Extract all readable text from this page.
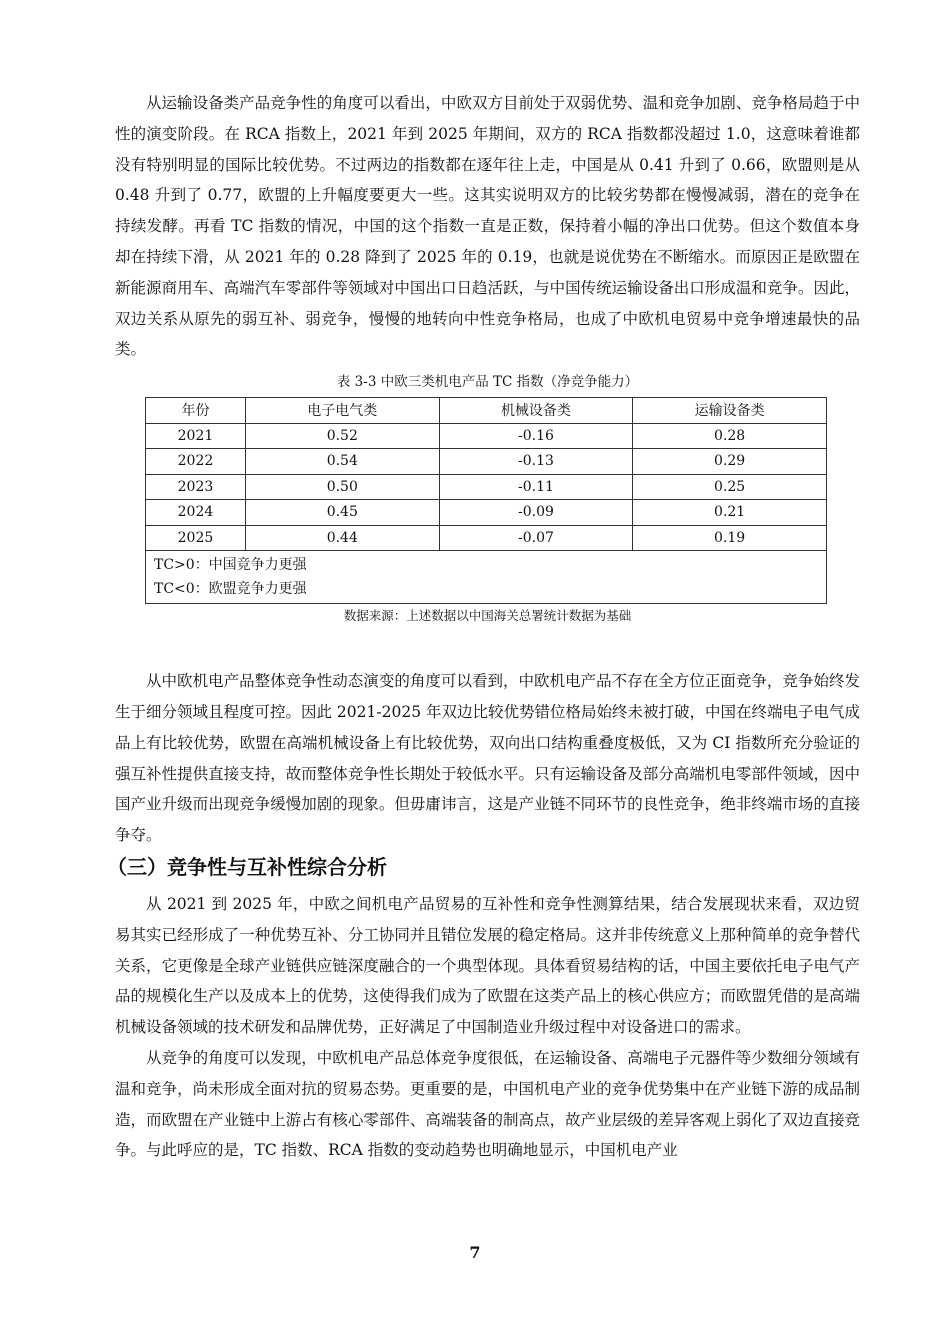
从运输设备类产品竞争性的角度可以看出，中欧双方目前处于双弱优势、温和竞争加剧、竞争格局趋于中性的演变阶段。在 RCA 指数上，2021 年到 2025 年期间，双方的 RCA 指数都没超过 1.0，这意味着谁都没有特别明显的国际比较优势。不过两边的指数都在逐年往上走，中国是从 0.41 升到了 0.66，欧盟则是从 0.48 升到了 0.77，欧盟的上升幅度要更大一些。这其实说明双方的比较劣势都在慢慢减弱，潜在的竞争在持续发酵。再看 TC 指数的情况，中国的这个指数一直是正数，保持着小幅的净出口优势。但这个数值本身却在持续下滑，从 2021 年的 0.28 降到了 2025 年的 0.19，也就是说优势在不断缩水。而原因正是欧盟在新能源商用车、高端汽车零部件等领域对中国出口日趋活跃，与中国传统运输设备出口形成温和竞争。因此，双边关系从原先的弱互补、弱竞争，慢慢的地转向中性竞争格局，也成了中欧机电贸易中竞争增速最快的品类。

表 3-3 中欧三类机电产品 TC 指数（净竞争能力）

年份	电子电气类	机械设备类	运输设备类
2021	0.52	-0.16	0.28
2022	0.54	-0.13	0.29
2023	0.50	-0.11	0.25
2024	0.45	-0.09	0.21
2025	0.44	-0.07	0.19

TC>0：中国竞争力更强
TC<0：欧盟竞争力更强			

数据来源：上述数据以中国海关总署统计数据为基础

从中欧机电产品整体竞争性动态演变的角度可以看到，中欧机电产品不存在全方位正面竞争，竞争始终发生于细分领域且程度可控。因此 2021-2025 年双边比较优势错位格局始终未被打破，中国在终端电子电气成品上有比较优势，欧盟在高端机械设备上有比较优势，双向出口结构重叠度极低，又为 CI 指数所充分验证的强互补性提供直接支持，故而整体竞争性长期处于较低水平。只有运输设备及部分高端机电零部件领域，因中国产业升级而出现竞争缓慢加剧的现象。但毋庸讳言，这是产业链不同环节的良性竞争，绝非终端市场的直接争夺。

（三）竞争性与互补性综合分析

从 2021 到 2025 年，中欧之间机电产品贸易的互补性和竞争性测算结果，结合发展现状来看，双边贸易其实已经形成了一种优势互补、分工协同并且错位发展的稳定格局。这并非传统意义上那种简单的竞争替代关系，它更像是全球产业链供应链深度融合的一个典型体现。具体看贸易结构的话，中国主要依托电子电气产品的规模化生产以及成本上的优势，这使得我们成为了欧盟在这类产品上的核心供应方；而欧盟凭借的是高端机械设备领域的技术研发和品牌优势，正好满足了中国制造业升级过程中对设备进口的需求。

从竞争的角度可以发现，中欧机电产品总体竞争度很低，在运输设备、高端电子元器件等少数细分领域有温和竞争，尚未形成全面对抗的贸易态势。更重要的是，中国机电产业的竞争优势集中在产业链下游的成品制造，而欧盟在产业链中上游占有核心零部件、高端装备的制高点，故产业层级的差异客观上弱化了双边直接竞争。与此呼应的是，TC 指数、RCA 指数的变动趋势也明确地显示，中国机电产业

7
